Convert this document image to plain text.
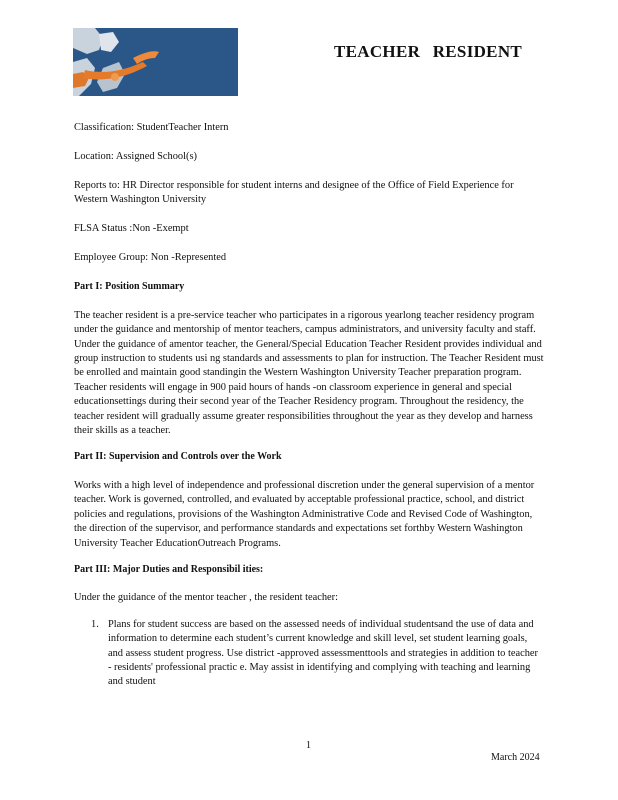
TEACHER RESIDENT
Classification: StudentTeacher Intern
Location: Assigned School(s)
Reports to: HR Director responsible for student interns and designee of the Office of Field Experience for Western Washington University
FLSA Status :Non -Exempt
Employee Group: Non -Represented
Part I: Position Summary
The teacher resident is a pre-service teacher who participates in a rigorous yearlong teacher residency program under the guidance and mentorship of mentor teachers, campus administrators, and university faculty and staff. Under the guidance of amentor teacher, the General/Special Education Teacher Resident provides individual and group instruction to students usi ng standards and assessments to plan for instruction. The Teacher Resident must be enrolled and maintain good standingin the Western Washington University Teacher preparation program. Teacher residents will engage in 900 paid hours of hands -on classroom experience in general and special educationsettings during their second year of the Teacher Residency program. Throughout the residency, the teacher resident will gradually assume greater responsibilities throughout the year as they develop and harness their skills as a teacher.
Part II: Supervision and Controls over the Work
Works with a high level of independence and professional discretion under the general supervision of a mentor teacher. Work is governed, controlled, and evaluated by acceptable professional practice, school, and district policies and regulations, provisions of the Washington Administrative Code and Revised Code of Washington, the direction of the supervisor, and performance standards and expectations set forthby Western Washington University Teacher EducationOutreach Programs.
Part III: Major Duties and Responsibil ities:
Under the guidance of the mentor teacher , the resident teacher:
1. Plans for student success are based on the assessed needs of individual studentsand the use of data and information to determine each student’s current knowledge and skill level, set student learning goals, and assess student progress. Use district -approved assessmenttools and strategies in addition to teacher - residents' professional practic e. May assist in identifying and complying with teaching and learning and student
1
March 2024
